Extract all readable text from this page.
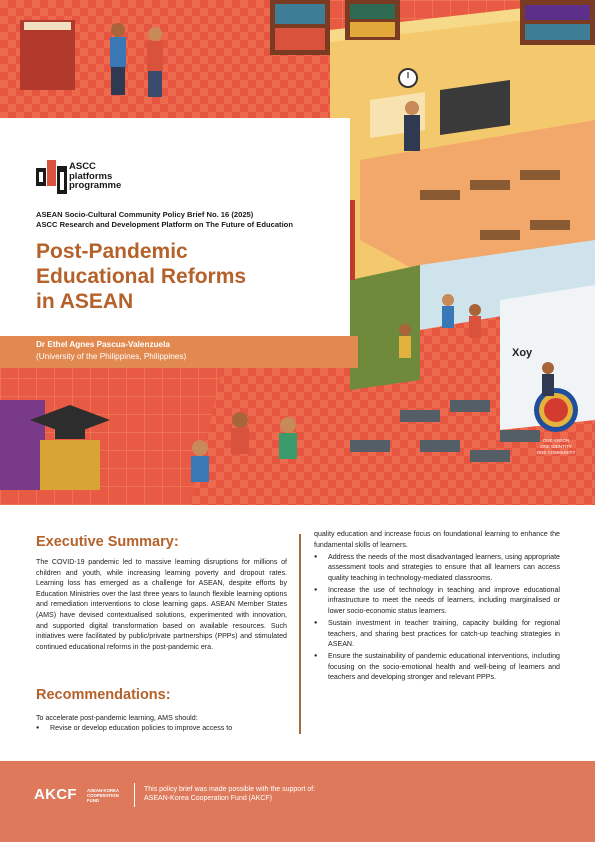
Xoy
ONE VISION
ONE IDENTITY
ONE COMMUNITY
ASCC
platforms
programme
ASEAN Socio-Cultural Community Policy Brief No. 16 (2025)
ASCC Research and Development Platform on The Future of Education
Post-Pandemic
Educational Reforms
in ASEAN
Dr Ethel Agnes Pascua-Valenzuela
(University of the Philippines, Philippines)
Executive Summary:
The COVID-19 pandemic led to massive learning disruptions for millions of children and youth, while increasing learning poverty and dropout rates. Learning loss has emerged as a challenge for ASEAN, despite efforts by Education Ministries over the last three years to launch flexible learning options and remediation interventions to close learning gaps. ASEAN Member States (AMS) have devised contextualised solutions, experimented with innovation, and supported digital transformation based on available resources. Such initiatives were facilitated by public/private partnerships (PPPs) and stimulated continued educational reforms in the post-pandemic era.
Recommendations:
To accelerate post-pandemic learning, AMS should:
● Revise or develop education policies to improve access to
quality education and increase focus on foundational learning to enhance the fundamental skills of learners.
● Address the needs of the most disadvantaged learners, using appropriate assessment tools and strategies to ensure that all learners can access quality teaching in technology-mediated classrooms.
● Increase the use of technology in teaching and improve educational infrastructure to meet the needs of learners, including marginalised or lower socio-economic status learners.
● Sustain investment in teacher training, capacity building for regional teachers, and sharing best practices for catch-up teaching strategies in ASEAN.
● Ensure the sustainability of pandemic educational interventions, including focusing on the socio-emotional health and well-being of learners and teachers and developing stronger and relevant PPPs.
AKCF ASEAN-KOREA COOPERATION FUND
This policy brief was made possible with the support of:
ASEAN-Korea Cooperation Fund (AKCF)
